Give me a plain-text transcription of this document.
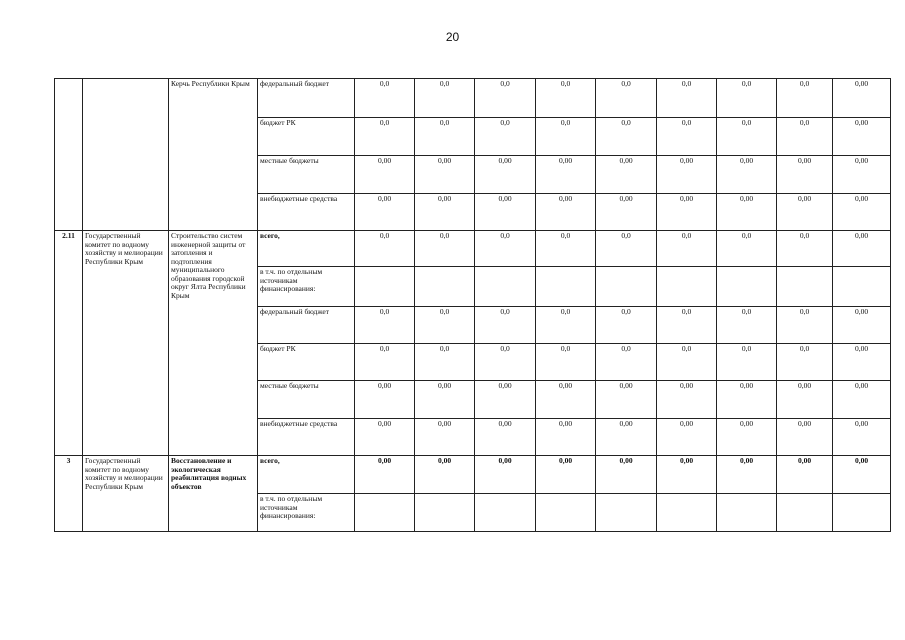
20
		Керчь Республики Крым	федеральный бюджет	0,0	0,0	0,0	0,0	0,0	0,0	0,0	0,0	0,00
			бюджет РК	0,0	0,0	0,0	0,0	0,0	0,0	0,0	0,0	0,00
			местные бюджеты	0,00	0,00	0,00	0,00	0,00	0,00	0,00	0,00	0,00
			внебюджетные средства	0,00	0,00	0,00	0,00	0,00	0,00	0,00	0,00	0,00
2.11	Государственный комитет по водному хозяйству и мелиорации Республики Крым	Строительство систем инженерной защиты от затопления и подтопления муниципального образования городской округ Ялта Республики Крым	всего,	0,0	0,0	0,0	0,0	0,0	0,0	0,0	0,0	0,00
			в т.ч. по отдельным источникам финансирования:									
			федеральный бюджет	0,0	0,0	0,0	0,0	0,0	0,0	0,0	0,0	0,00
			бюджет РК	0,0	0,0	0,0	0,0	0,0	0,0	0,0	0,0	0,00
			местные бюджеты	0,00	0,00	0,00	0,00	0,00	0,00	0,00	0,00	0,00
			внебюджетные средства	0,00	0,00	0,00	0,00	0,00	0,00	0,00	0,00	0,00
3	Государственный комитет по водному хозяйству и мелиорации Республики Крым	Восстановление и экологическая реабилитация водных объектов	всего,	0,00	0,00	0,00	0,00	0,00	0,00	0,00	0,00	0,00
			в т.ч. по отдельным источникам финансирования:									
